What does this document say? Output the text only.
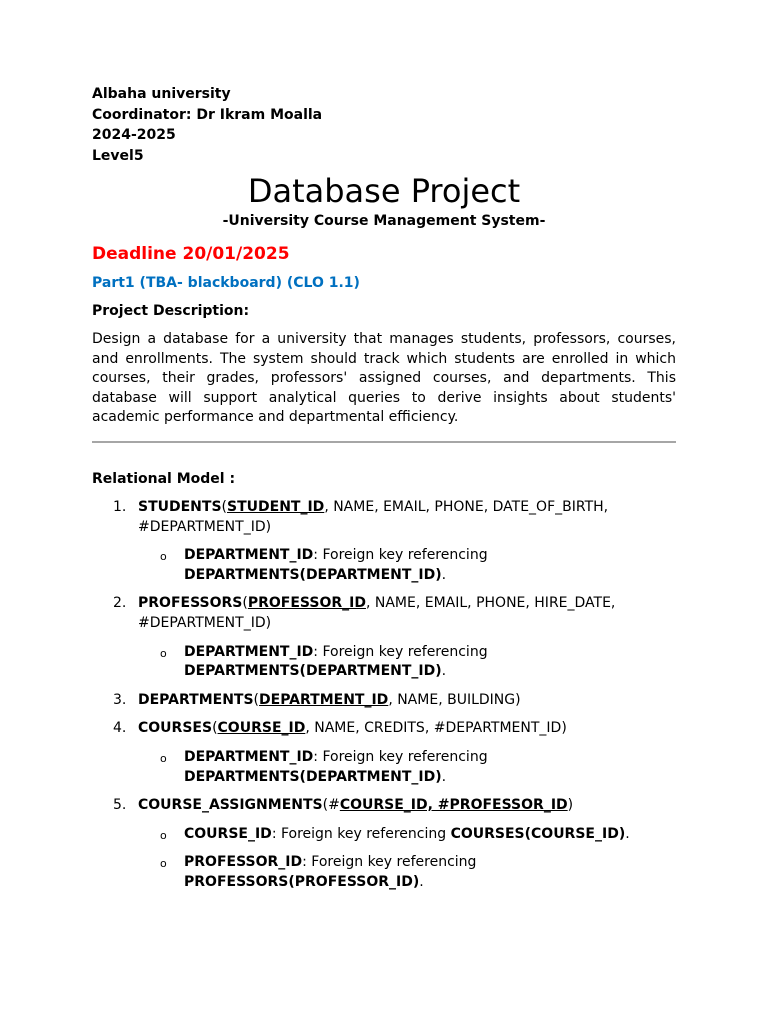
Albaha university
Coordinator: Dr Ikram Moalla
2024-2025
Level5
Database Project
-University Course Management System-
Deadline 20/01/2025
Part1 (TBA- blackboard) (CLO 1.1)
Project Description:
Design a database for a university that manages students, professors, courses, and enrollments. The system should track which students are enrolled in which courses, their grades, professors' assigned courses, and departments. This database will support analytical queries to derive insights about students' academic performance and departmental efficiency.
Relational Model :
1. STUDENTS(STUDENT_ID, NAME, EMAIL, PHONE, DATE_OF_BIRTH, #DEPARTMENT_ID)
o DEPARTMENT_ID: Foreign key referencing DEPARTMENTS(DEPARTMENT_ID).
2. PROFESSORS(PROFESSOR_ID, NAME, EMAIL, PHONE, HIRE_DATE, #DEPARTMENT_ID)
o DEPARTMENT_ID: Foreign key referencing DEPARTMENTS(DEPARTMENT_ID).
3. DEPARTMENTS(DEPARTMENT_ID, NAME, BUILDING)
4. COURSES(COURSE_ID, NAME, CREDITS, #DEPARTMENT_ID)
o DEPARTMENT_ID: Foreign key referencing DEPARTMENTS(DEPARTMENT_ID).
5. COURSE_ASSIGNMENTS(#COURSE_ID, #PROFESSOR_ID)
o COURSE_ID: Foreign key referencing COURSES(COURSE_ID).
o PROFESSOR_ID: Foreign key referencing PROFESSORS(PROFESSOR_ID).
